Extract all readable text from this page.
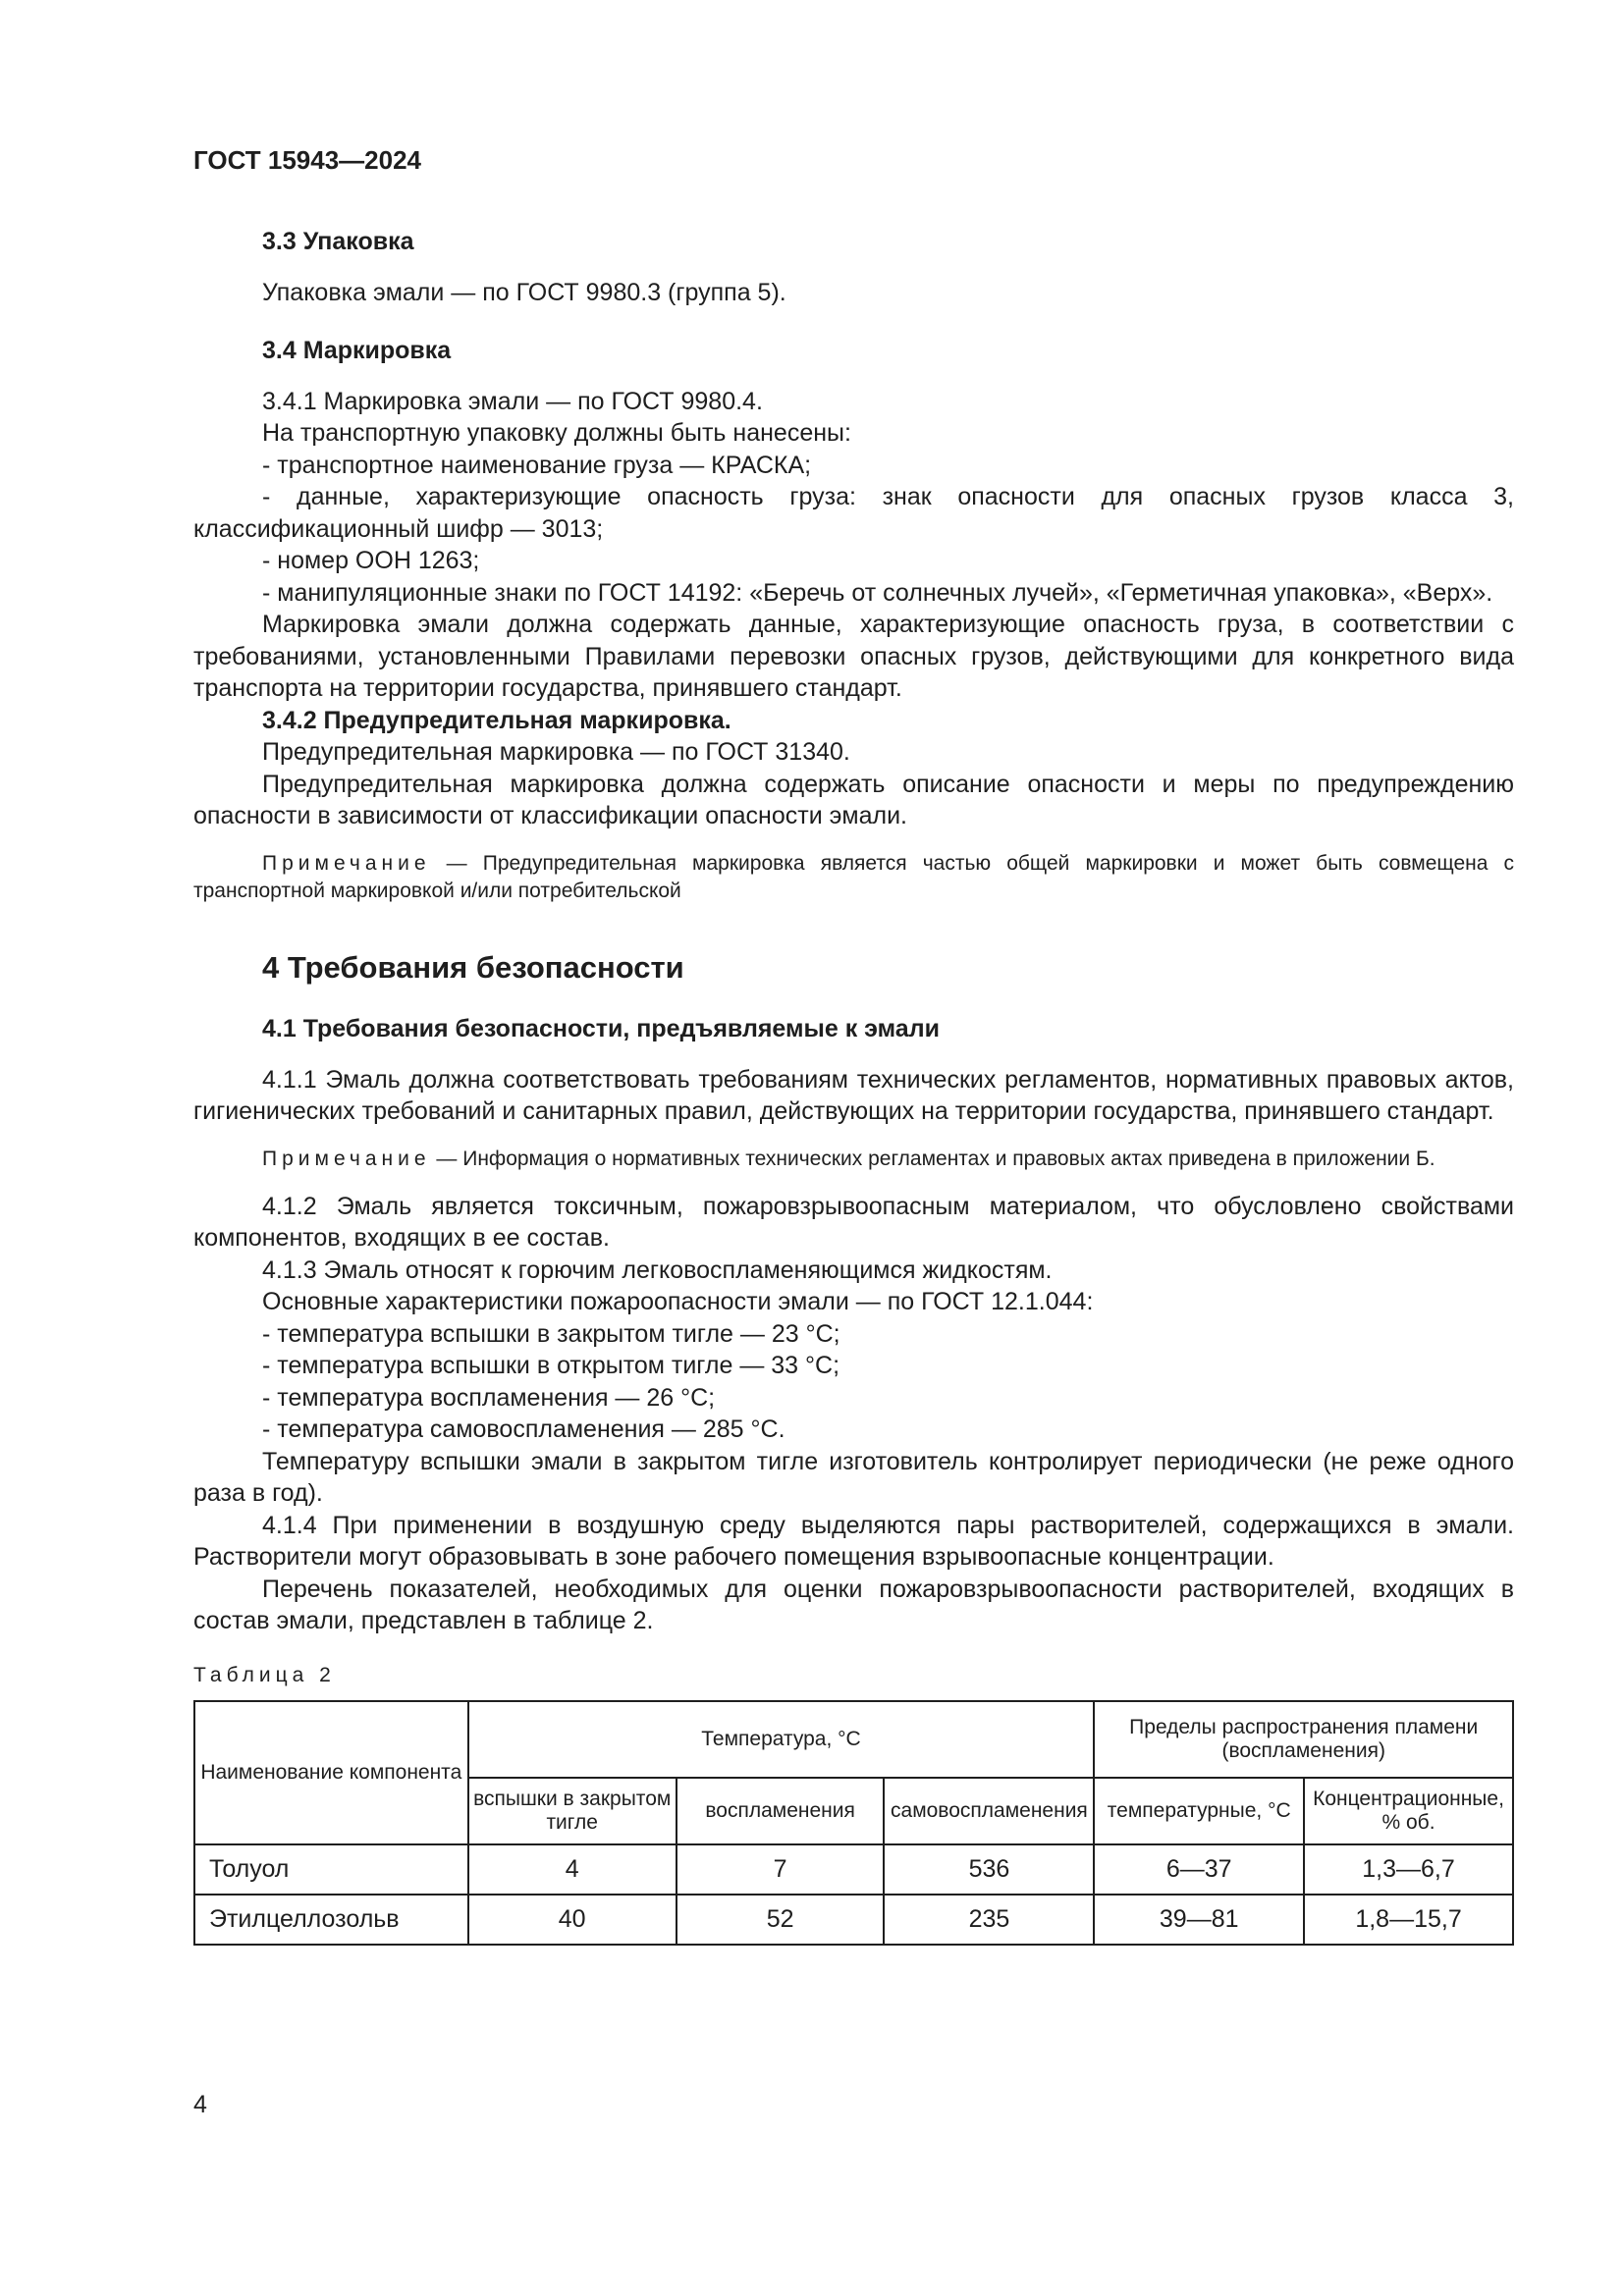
ГОСТ 15943—2024
3.3 Упаковка

Упаковка эмали — по ГОСТ 9980.3 (группа 5).

3.4 Маркировка

3.4.1 Маркировка эмали — по ГОСТ 9980.4.

На транспортную упаковку должны быть нанесены:

- транспортное наименование груза — КРАСКА;

- данные, характеризующие опасность груза: знак опасности для опасных грузов класса 3, классификационный шифр — 3013;

- номер ООН 1263;

- манипуляционные знаки по ГОСТ 14192: «Беречь от солнечных лучей», «Герметичная упаковка», «Верх».

Маркировка эмали должна содержать данные, характеризующие опасность груза, в соответствии с требованиями, установленными Правилами перевозки опасных грузов, действующими для конкретного вида транспорта на территории государства, принявшего стандарт.

3.4.2 Предупредительная маркировка.

Предупредительная маркировка — по ГОСТ 31340.

Предупредительная маркировка должна содержать описание опасности и меры по предупреждению опасности в зависимости от классификации опасности эмали.

Примечание — Предупредительная маркировка является частью общей маркировки и может быть совмещена с транспортной маркировкой и/или потребительской

4 Требования безопасности
4.1 Требования безопасности, предъявляемые к эмали

4.1.1 Эмаль должна соответствовать требованиям технических регламентов, нормативных правовых актов, гигиенических требований и санитарных правил, действующих на территории государства, принявшего стандарт.

Примечание — Информация о нормативных технических регламентах и правовых актах приведена в приложении Б.

4.1.2 Эмаль является токсичным, пожаровзрывоопасным материалом, что обусловлено свойствами компонентов, входящих в ее состав.

4.1.3 Эмаль относят к горючим легковоспламеняющимся жидкостям.

Основные характеристики пожароопасности эмали — по ГОСТ 12.1.044:

- температура вспышки в закрытом тигле — 23 °С;

- температура вспышки в открытом тигле — 33 °С;

- температура воспламенения — 26 °С;

- температура самовоспламенения — 285 °С.

Температуру вспышки эмали в закрытом тигле изготовитель контролирует периодически (не реже одного раза в год).

4.1.4 При применении в воздушную среду выделяются пары растворителей, содержащихся в эмали. Растворители могут образовывать в зоне рабочего помещения взрывоопасные концентрации.

Перечень показателей, необходимых для оценки пожаровзрывоопасности растворителей, входящих в состав эмали, представлен в таблице 2.

Таблица 2

Наименование компонента	Температура, °С			Пределы распространения пламени (воспламенения)	
	вспышки в закрытом тигле	воспламенения	самовоспламенения	температурные, °С	Концентрационные, % об.
Толуол	4	7	536	6—37	1,3—6,7
Этилцеллозольв	40	52	235	39—81	1,8—15,7
4
